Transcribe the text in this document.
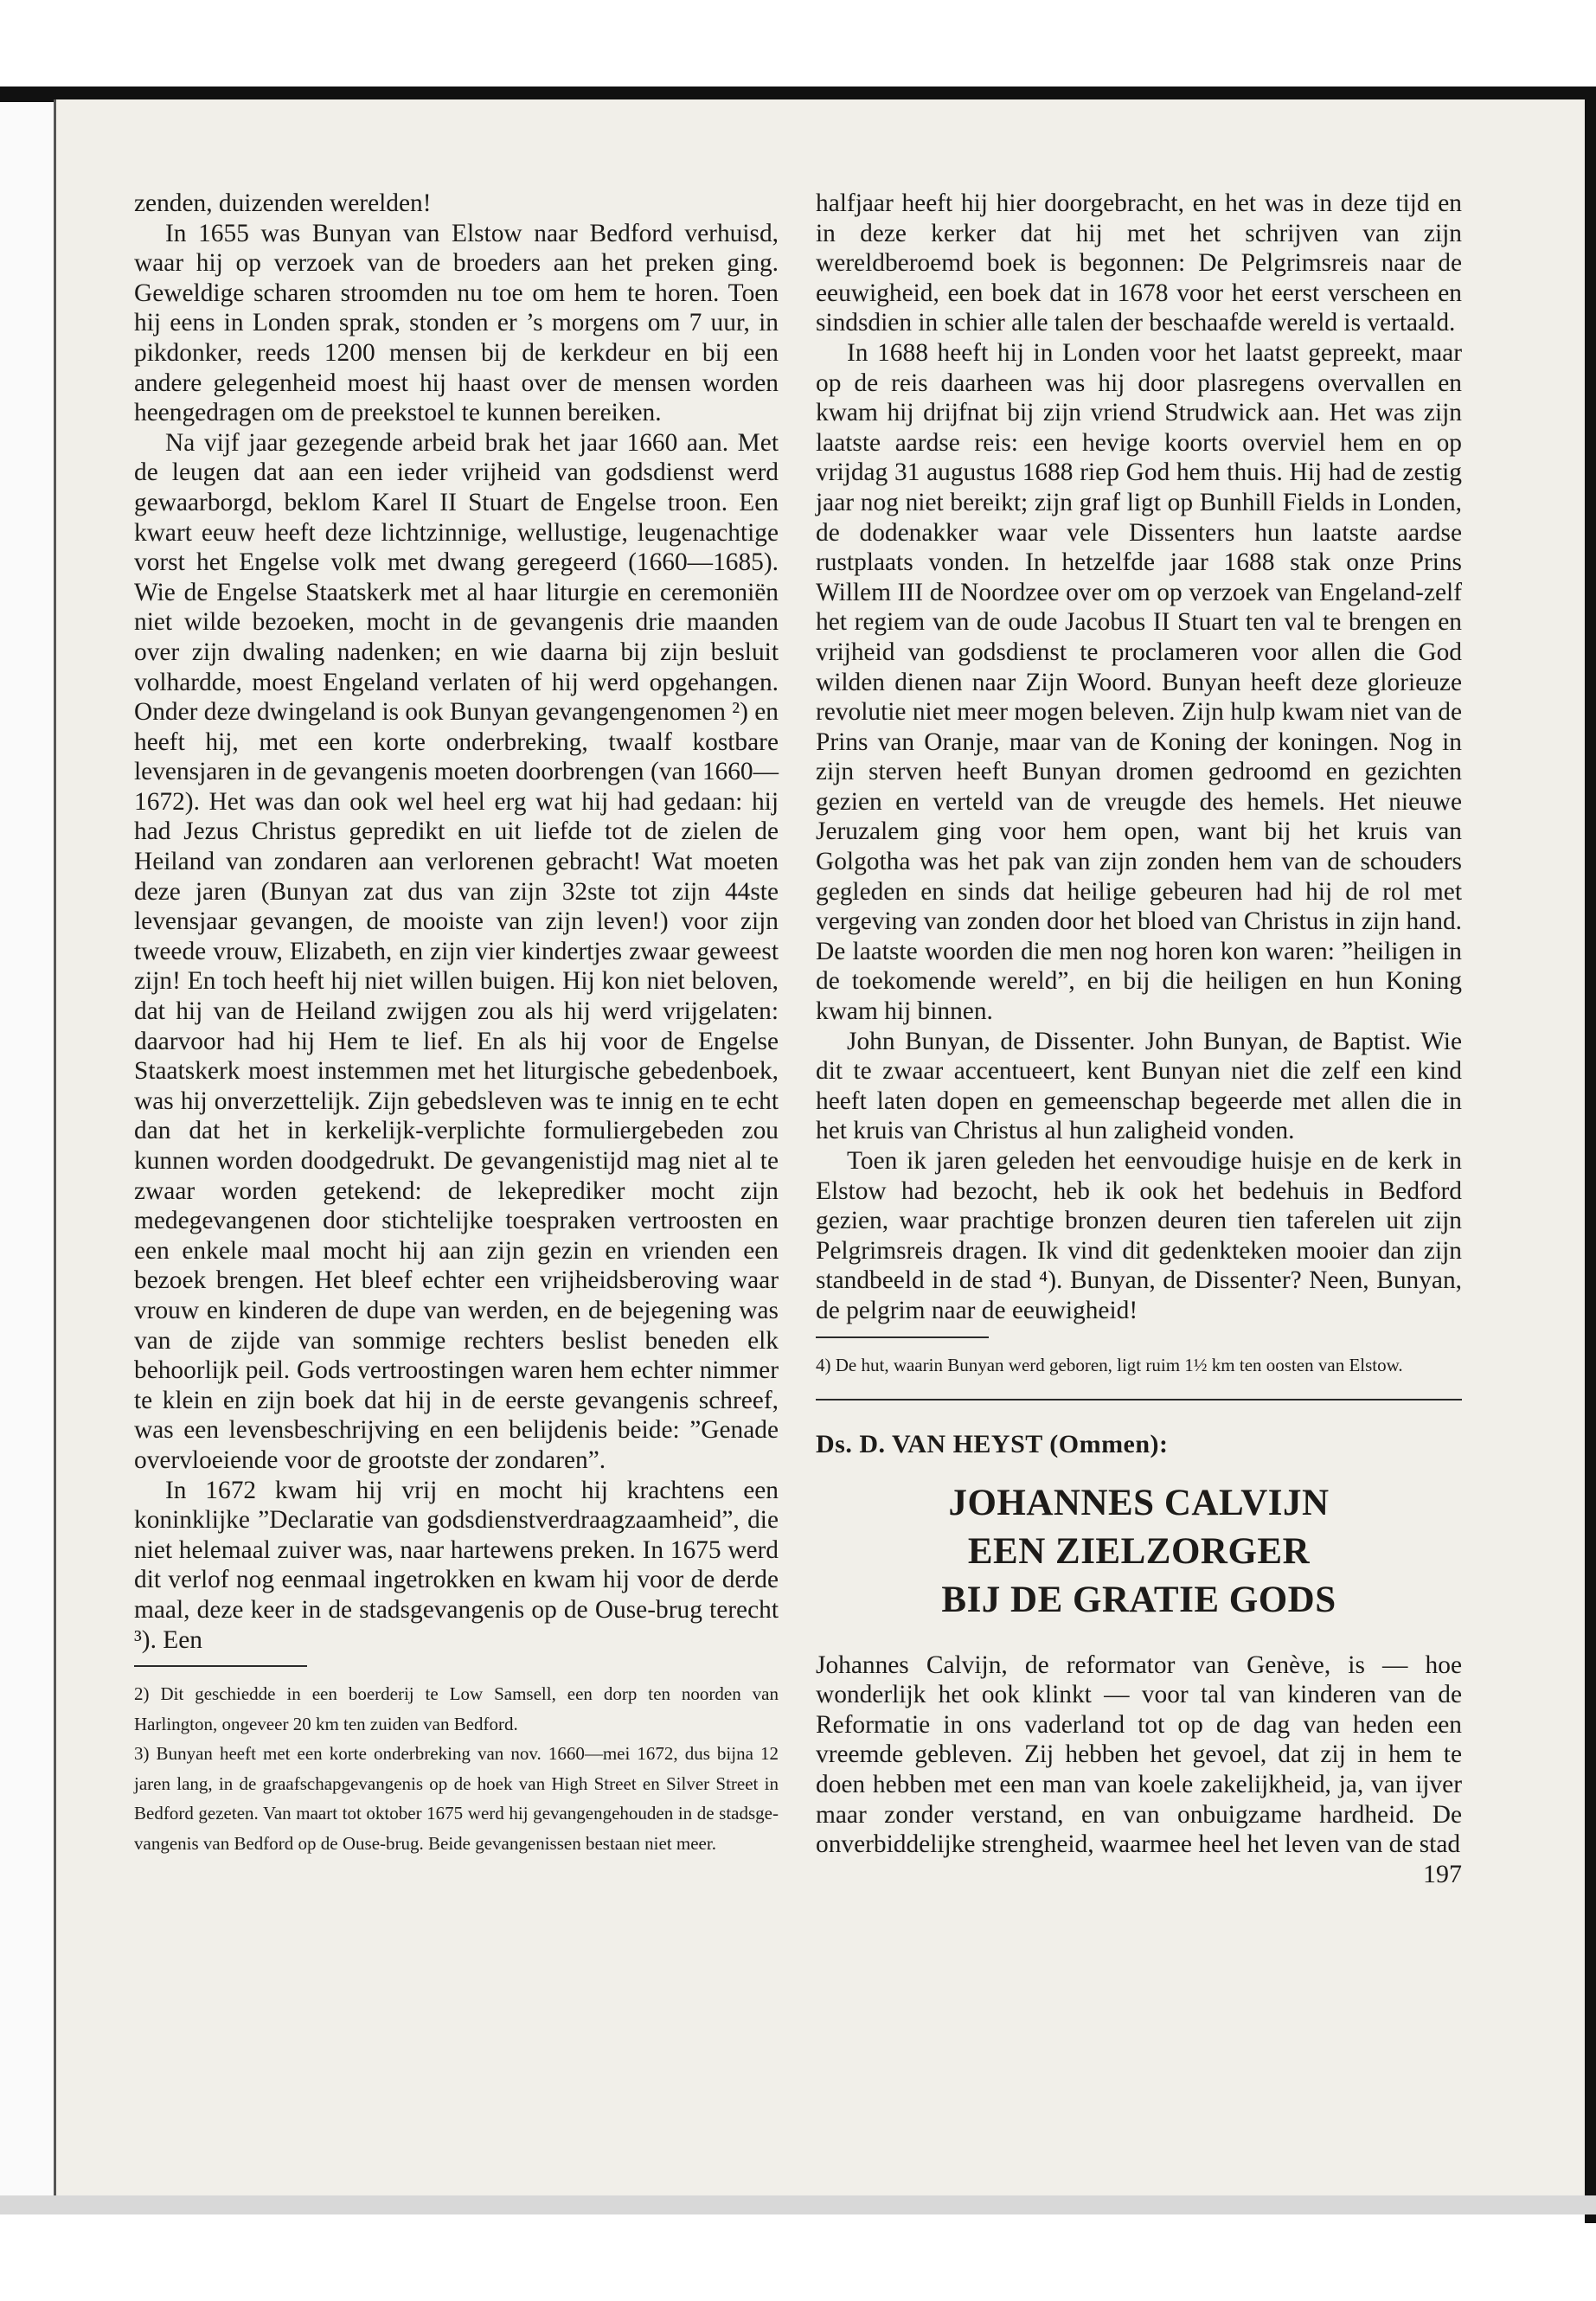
zenden, duizenden werelden!

In 1655 was Bunyan van Elstow naar Bedford verhuisd, waar hij op verzoek van de broeders aan het preken ging. Geweldige scharen stroomden nu toe om hem te horen. Toen hij eens in Londen sprak, stonden er ’s morgens om 7 uur, in pikdonker, reeds 1200 mensen bij de kerkdeur en bij een andere gelegenheid moest hij haast over de mensen worden heengedragen om de preekstoel te kunnen bereiken.

Na vijf jaar gezegende arbeid brak het jaar 1660 aan. Met de leugen dat aan een ieder vrijheid van godsdienst werd gewaarborgd, beklom Karel II Stuart de Engelse troon. Een kwart eeuw heeft deze lichtzinnige, wellustige, leugenachtige vorst het Engelse volk met dwang geregeerd (1660—1685). Wie de Engelse Staatskerk met al haar liturgie en ceremoniën niet wilde bezoeken, mocht in de gevangenis drie maanden over zijn dwaling nadenken; en wie daarna bij zijn besluit volhardde, moest Engeland verlaten of hij werd opgehangen. Onder deze dwingeland is ook Bunyan gevangengenomen ²) en heeft hij, met een korte onderbreking, twaalf kostbare levensjaren in de gevangenis moeten doorbrengen (van 1660—1672). Het was dan ook wel heel erg wat hij had gedaan: hij had Jezus Christus gepredikt en uit liefde tot de zielen de Heiland van zondaren aan verlorenen gebracht! Wat moeten deze jaren (Bunyan zat dus van zijn 32ste tot zijn 44ste levensjaar gevangen, de mooiste van zijn leven!) voor zijn tweede vrouw, Elizabeth, en zijn vier kindertjes zwaar geweest zijn! En toch heeft hij niet willen buigen. Hij kon niet beloven, dat hij van de Heiland zwijgen zou als hij werd vrijgelaten: daarvoor had hij Hem te lief. En als hij voor de Engelse Staatskerk moest instemmen met het liturgische gebedenboek, was hij onverzettelijk. Zijn gebedsleven was te innig en te echt dan dat het in kerkelijk-verplichte formuliergebeden zou kunnen worden doodgedrukt. De gevangenistijd mag niet al te zwaar worden getekend: de lekeprediker mocht zijn medegevangenen door stichtelijke toespraken vertroosten en een enkele maal mocht hij aan zijn gezin en vrienden een bezoek brengen. Het bleef echter een vrijheidsberoving waar vrouw en kinderen de dupe van werden, en de bejegening was van de zijde van sommige rechters beslist beneden elk behoorlijk peil. Gods vertroostingen waren hem echter nimmer te klein en zijn boek dat hij in de eerste gevangenis schreef, was een levensbeschrijving en een belijdenis beide: ”Genade overvloeiende voor de grootste der zondaren”.

In 1672 kwam hij vrij en mocht hij krachtens een koninklijke ”Declaratie van godsdienstverdraagzaamheid”, die niet helemaal zuiver was, naar hartewens preken. In 1675 werd dit verlof nog eenmaal ingetrokken en kwam hij voor de derde maal, deze keer in de stadsgevangenis op de Ouse-brug terecht ³). Een

2) Dit geschiedde in een boerderij te Low Samsell, een dorp ten noorden van Harlington, ongeveer 20 km ten zuiden van Bedford.

3) Bunyan heeft met een korte onderbreking van nov. 1660—mei 1672, dus bijna 12 jaren lang, in de graafschapgevangenis op de hoek van High Street en Silver Street in Bedford gezeten. Van maart tot oktober 1675 werd hij gevangengehouden in de stadsgevangenis van Bedford op de Ouse-brug. Beide gevangenissen bestaan niet meer.

halfjaar heeft hij hier doorgebracht, en het was in deze tijd en in deze kerker dat hij met het schrijven van zijn wereldberoemd boek is begonnen: De Pelgrimsreis naar de eeuwigheid, een boek dat in 1678 voor het eerst verscheen en sindsdien in schier alle talen der beschaafde wereld is vertaald.

In 1688 heeft hij in Londen voor het laatst gepreekt, maar op de reis daarheen was hij door plasregens overvallen en kwam hij drijfnat bij zijn vriend Strudwick aan. Het was zijn laatste aardse reis: een hevige koorts overviel hem en op vrijdag 31 augustus 1688 riep God hem thuis. Hij had de zestig jaar nog niet bereikt; zijn graf ligt op Bunhill Fields in Londen, de dodenakker waar vele Dissenters hun laatste aardse rustplaats vonden. In hetzelfde jaar 1688 stak onze Prins Willem III de Noordzee over om op verzoek van Engeland-zelf het regiem van de oude Jacobus II Stuart ten val te brengen en vrijheid van godsdienst te proclameren voor allen die God wilden dienen naar Zijn Woord. Bunyan heeft deze glorieuze revolutie niet meer mogen beleven. Zijn hulp kwam niet van de Prins van Oranje, maar van de Koning der koningen. Nog in zijn sterven heeft Bunyan dromen gedroomd en gezichten gezien en verteld van de vreugde des hemels. Het nieuwe Jeruzalem ging voor hem open, want bij het kruis van Golgotha was het pak van zijn zonden hem van de schouders gegleden en sinds dat heilige gebeuren had hij de rol met vergeving van zonden door het bloed van Christus in zijn hand. De laatste woorden die men nog horen kon waren: ”heiligen in de toekomende wereld”, en bij die heiligen en hun Koning kwam hij binnen.

John Bunyan, de Dissenter. John Bunyan, de Baptist. Wie dit te zwaar accentueert, kent Bunyan niet die zelf een kind heeft laten dopen en gemeenschap begeerde met allen die in het kruis van Christus al hun zaligheid vonden.

Toen ik jaren geleden het eenvoudige huisje en de kerk in Elstow had bezocht, heb ik ook het bedehuis in Bedford gezien, waar prachtige bronzen deuren tien taferelen uit zijn Pelgrimsreis dragen. Ik vind dit gedenkteken mooier dan zijn standbeeld in de stad ⁴). Bunyan, de Dissenter? Neen, Bunyan, de pelgrim naar de eeuwigheid!

4) De hut, waarin Bunyan werd geboren, ligt ruim 1½ km ten oosten van Elstow.

Ds. D. VAN HEYST (Ommen):
JOHANNES CALVIJN
EEN ZIELZORGER
BIJ DE GRATIE GODS

Johannes Calvijn, de reformator van Genève, is — hoe wonderlijk het ook klinkt — voor tal van kinderen van de Reformatie in ons vaderland tot op de dag van heden een vreemde gebleven. Zij hebben het gevoel, dat zij in hem te doen hebben met een man van koele zakelijkheid, ja, van ijver maar zonder verstand, en van onbuigzame hardheid. De onverbiddelijke strengheid, waarmee heel het leven van de stad

197
